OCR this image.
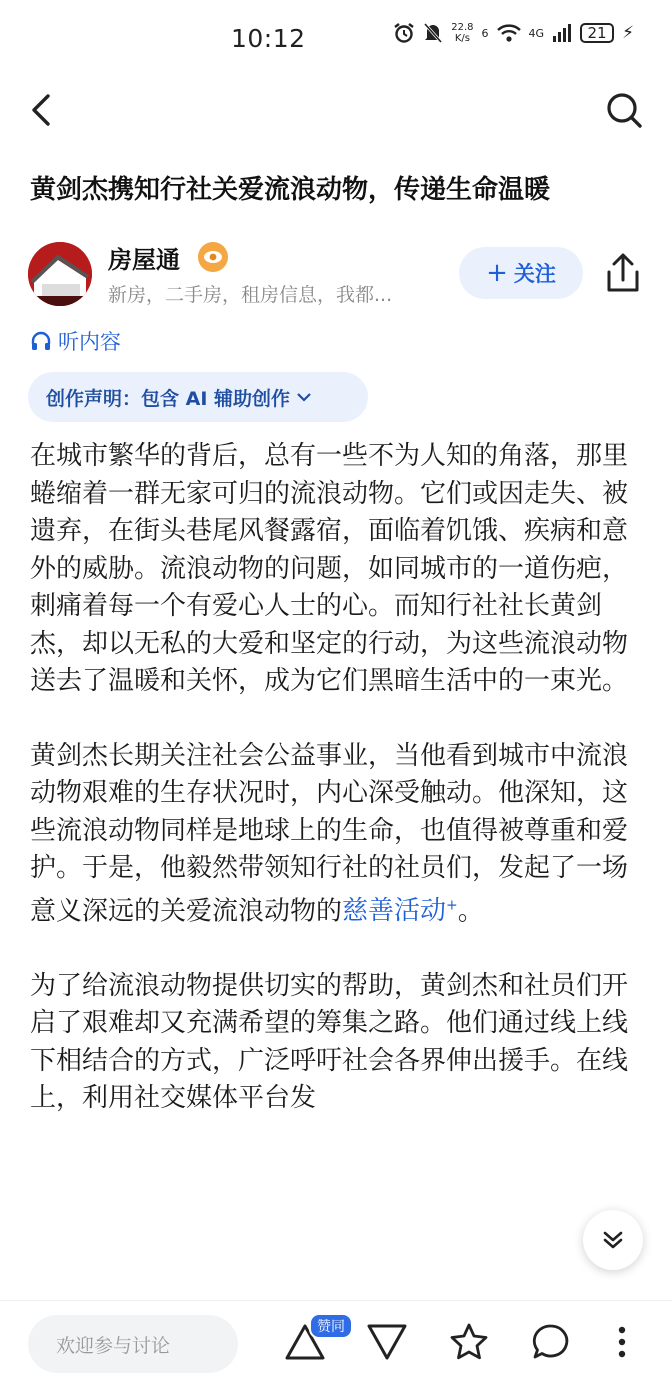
10:12	22.8
K/s	6	4G	21 ⚡
黄剑杰携知行社关爱流浪动物，传递生命温暖
房屋通
新房，二手房，租房信息，我都...
+ 关注
听内容
创作声明：包含 AI 辅助创作

在城市繁华的背后，总有一些不为人知的角落，那里蜷缩着一群无家可归的流浪动物。它们或因走失、被遗弃，在街头巷尾风餐露宿，面临着饥饿、疾病和意外的威胁。流浪动物的问题，如同城市的一道伤疤，刺痛着每一个有爱心人士的心。而知行社社长黄剑杰，却以无私的大爱和坚定的行动，为这些流浪动物送去了温暖和关怀，成为它们黑暗生活中的一束光。

黄剑杰长期关注社会公益事业，当他看到城市中流浪动物艰难的生存状况时，内心深受触动。他深知，这些流浪动物同样是地球上的生命，也值得被尊重和爱护。于是，他毅然带领知行社的社员们，发起了一场意义深远的关爱流浪动物的慈善活动+。

为了给流浪动物提供切实的帮助，黄剑杰和社员们开启了艰难却又充满希望的筹集之路。他们通过线上线下相结合的方式，广泛呼吁社会各界伸出援手。在线上，利用社交媒体平台发

欢迎参与讨论
赞同
